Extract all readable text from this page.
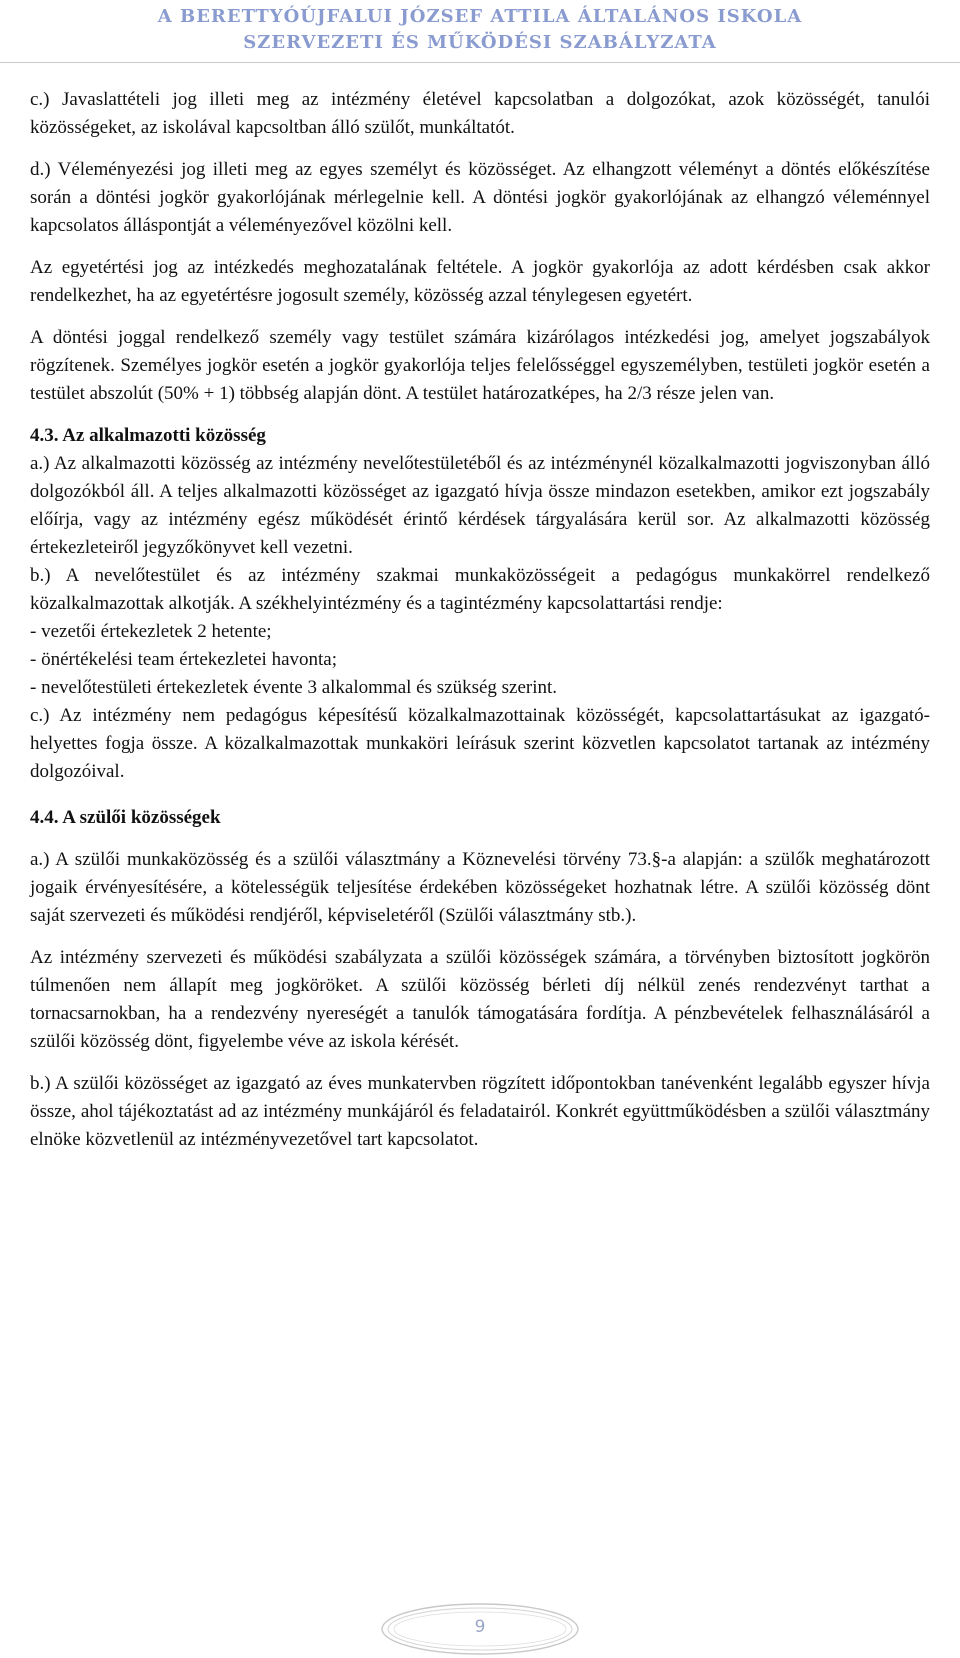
A BERETTYÓÚJFALUI JÓZSEF ATTILA ÁLTALÁNOS ISKOLA
SZERVEZETI ÉS MŰKÖDÉSI SZABÁLYZATA

c.) Javaslattételi jog illeti meg az intézmény életével kapcsolatban a dolgozókat, azok közösségét, tanulói közösségeket, az iskolával kapcsoltban álló szülőt, munkáltatót.

d.) Véleményezési jog illeti meg az egyes személyt és közösséget. Az elhangzott véleményt a döntés előkészítése során a döntési jogkör gyakorlójának mérlegelnie kell. A döntési jogkör gyakorlójának az elhangzó véleménnyel kapcsolatos álláspontját a véleményezővel közölni kell.

Az egyetértési jog az intézkedés meghozatalának feltétele. A jogkör gyakorlója az adott kérdésben csak akkor rendelkezhet, ha az egyetértésre jogosult személy, közösség azzal ténylegesen egyetért.

A döntési joggal rendelkező személy vagy testület számára kizárólagos intézkedési jog, amelyet jogszabályok rögzítenek. Személyes jogkör esetén a jogkör gyakorlója teljes felelősséggel egyszemélyben, testületi jogkör esetén a testület abszolút (50% + 1) többség alapján dönt. A testület határozatképes, ha 2/3 része jelen van.

4.3. Az alkalmazotti közösség

a.) Az alkalmazotti közösség az intézmény nevelőtestületéből és az intézménynél közalkalmazotti jogviszonyban álló dolgozókból áll. A teljes alkalmazotti közösséget az igazgató hívja össze mindazon esetekben, amikor ezt jogszabály előírja, vagy az intézmény egész működését érintő kérdések tárgyalására kerül sor. Az alkalmazotti közösség értekezleteiről jegyzőkönyvet kell vezetni.

b.) A nevelőtestület és az intézmény szakmai munkaközösségeit a pedagógus munkakörrel rendelkező közalkalmazottak alkotják. A székhelyintézmény és a tagintézmény kapcsolattartási rendje:

- vezetői értekezletek 2 hetente;

- önértékelési team értekezletei havonta;

- nevelőtestületi értekezletek évente 3 alkalommal és szükség szerint.

c.) Az intézmény nem pedagógus képesítésű közalkalmazottainak közösségét, kapcsolattartásukat az igazgató-helyettes fogja össze. A közalkalmazottak munkaköri leírásuk szerint közvetlen kapcsolatot tartanak az intézmény dolgozóival.

4.4. A szülői közösségek

a.) A szülői munkaközösség és a szülői választmány a Köznevelési törvény 73.§-a alapján: a szülők meghatározott jogaik érvényesítésére, a kötelességük teljesítése érdekében közösségeket hozhatnak létre. A szülői közösség dönt saját szervezeti és működési rendjéről, képviseletéről (Szülői választmány stb.).

Az intézmény szervezeti és működési szabályzata a szülői közösségek számára, a törvényben biztosított jogkörön túlmenően nem állapít meg jogköröket. A szülői közösség bérleti díj nélkül zenés rendezvényt tarthat a tornacsarnokban, ha a rendezvény nyereségét a tanulók támogatására fordítja. A pénzbevételek felhasználásáról a szülői közösség dönt, figyelembe véve az iskola kérését.

b.) A szülői közösséget az igazgató az éves munkatervben rögzített időpontokban tanévenként legalább egyszer hívja össze, ahol tájékoztatást ad az intézmény munkájáról és feladatairól. Konkrét együttműködésben a szülői választmány elnöke közvetlenül az intézményvezetővel tart kapcsolatot.

9
